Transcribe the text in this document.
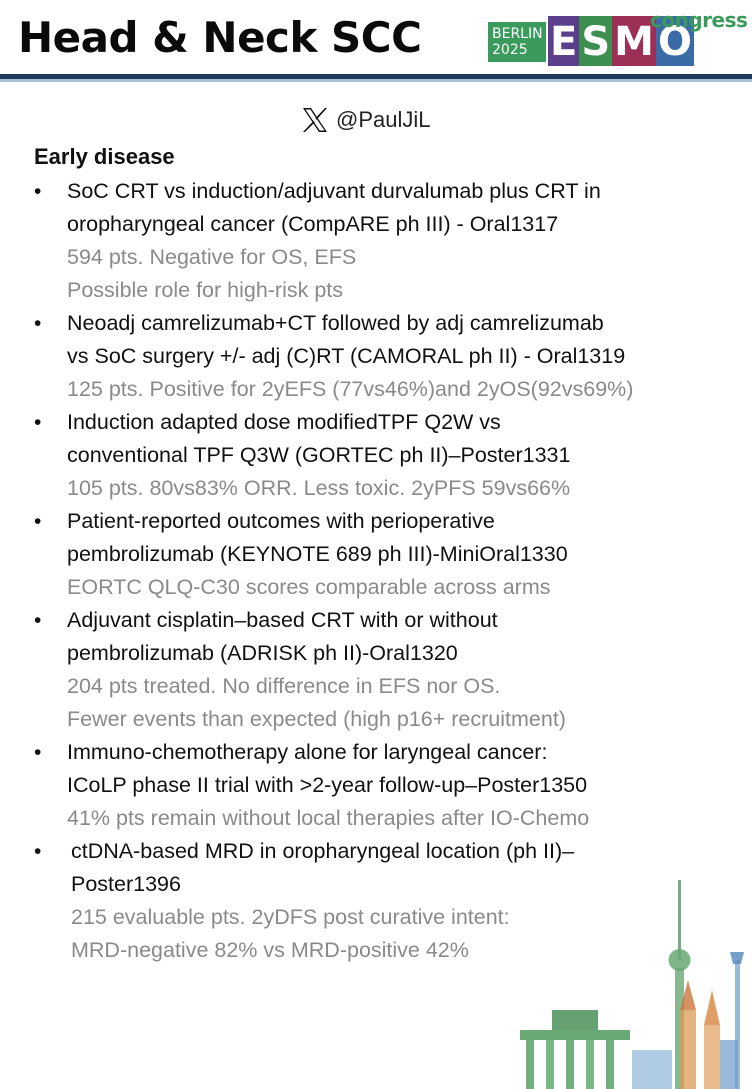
Head & Neck SCC	BERLIN
2025 E S M O
congress
@PaulJiL
Early disease
• SoC CRT vs induction/adjuvant durvalumab plus CRT in
oropharyngeal cancer (CompARE ph III) - Oral1317
594 pts. Negative for OS, EFS
Possible role for high-risk pts
• Neoadj camrelizumab+CT followed by adj camrelizumab
vs SoC surgery +/- adj (C)RT (CAMORAL ph II) - Oral1319
125 pts. Positive for 2yEFS (77vs46%)and 2yOS(92vs69%)
• Induction adapted dose modifiedTPF Q2W vs
conventional TPF Q3W (GORTEC ph II)–Poster1331
105 pts. 80vs83% ORR. Less toxic. 2yPFS 59vs66%
• Patient-reported outcomes with perioperative
pembrolizumab (KEYNOTE 689 ph III)-MiniOral1330
EORTC QLQ-C30 scores comparable across arms
• Adjuvant cisplatin–based CRT with or without
pembrolizumab (ADRISK ph II)-Oral1320
204 pts treated. No difference in EFS nor OS.
Fewer events than expected (high p16+ recruitment)
• Immuno-chemotherapy alone for laryngeal cancer:
ICoLP phase II trial with >2-year follow-up–Poster1350
41% pts remain without local therapies after IO-Chemo
• ctDNA-based MRD in oropharyngeal location (ph II)–
Poster1396
215 evaluable pts. 2yDFS post curative intent:
MRD-negative 82% vs MRD-positive 42%
